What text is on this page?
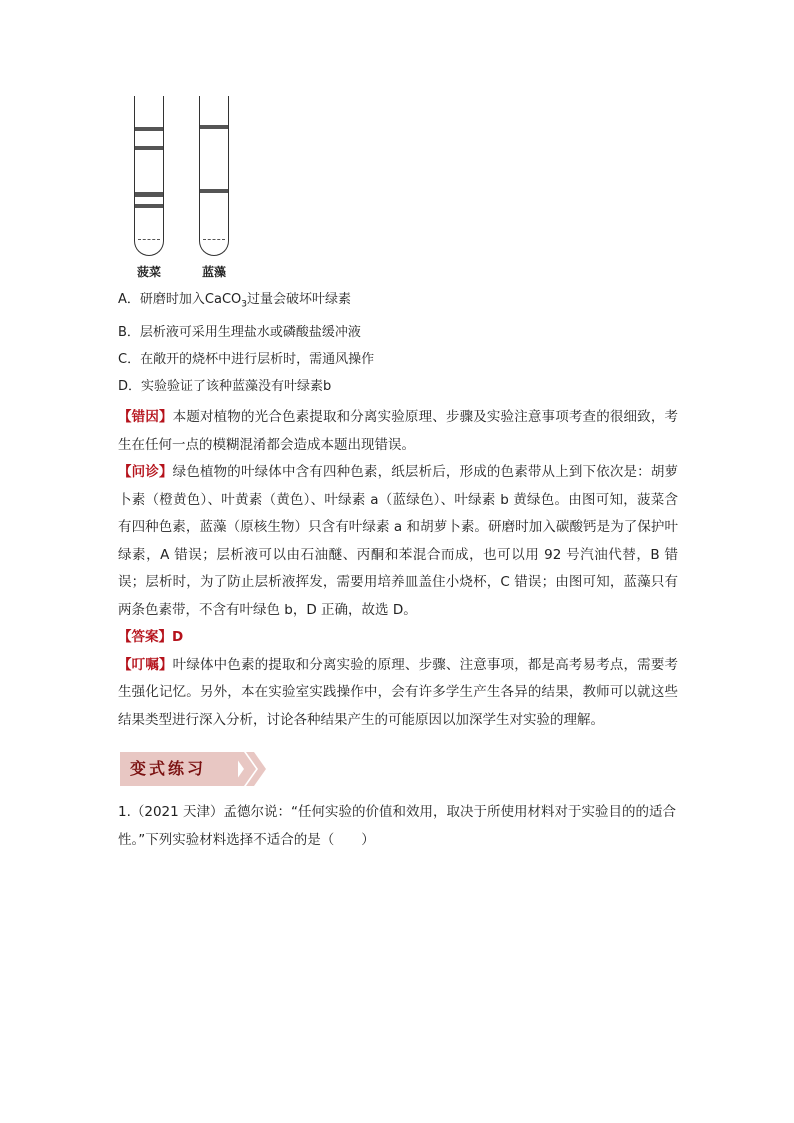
菠菜	蓝藻
A．研磨时加入CaCO$_3$过量会破坏叶绿素
B．层析液可采用生理盐水或磷酸盐缓冲液
C．在敞开的烧杯中进行层析时，需通风操作
D．实验验证了该种蓝藻没有叶绿素b

【错因】本题对植物的光合色素提取和分离实验原理、步骤及实验注意事项考查的很细致，考生在任何一点的模糊混淆都会造成本题出现错误。

【问诊】绿色植物的叶绿体中含有四种色素，纸层析后，形成的色素带从上到下依次是：胡萝卜素（橙黄色）、叶黄素（黄色）、叶绿素 a（蓝绿色）、叶绿素 b 黄绿色。由图可知，菠菜含有四种色素，蓝藻（原核生物）只含有叶绿素 a 和胡萝卜素。研磨时加入碳酸钙是为了保护叶绿素，A 错误；层析液可以由石油醚、丙酮和苯混合而成，也可以用 92 号汽油代替，B 错误；层析时，为了防止层析液挥发，需要用培养皿盖住小烧杯，C 错误；由图可知，蓝藻只有两条色素带，不含有叶绿色 b，D 正确，故选 D。

【答案】D

【叮嘱】叶绿体中色素的提取和分离实验的原理、步骤、注意事项，都是高考易考点，需要考生强化记忆。另外，本在实验室实践操作中，会有许多学生产生各异的结果，教师可以就这些结果类型进行深入分析，讨论各种结果产生的可能原因以加深学生对实验的理解。

变式练习
1.（2021 天津）孟德尔说：“任何实验的价值和效用，取决于所使用材料对于实验目的的适合性。”下列实验材料选择不适合的是（　　）
